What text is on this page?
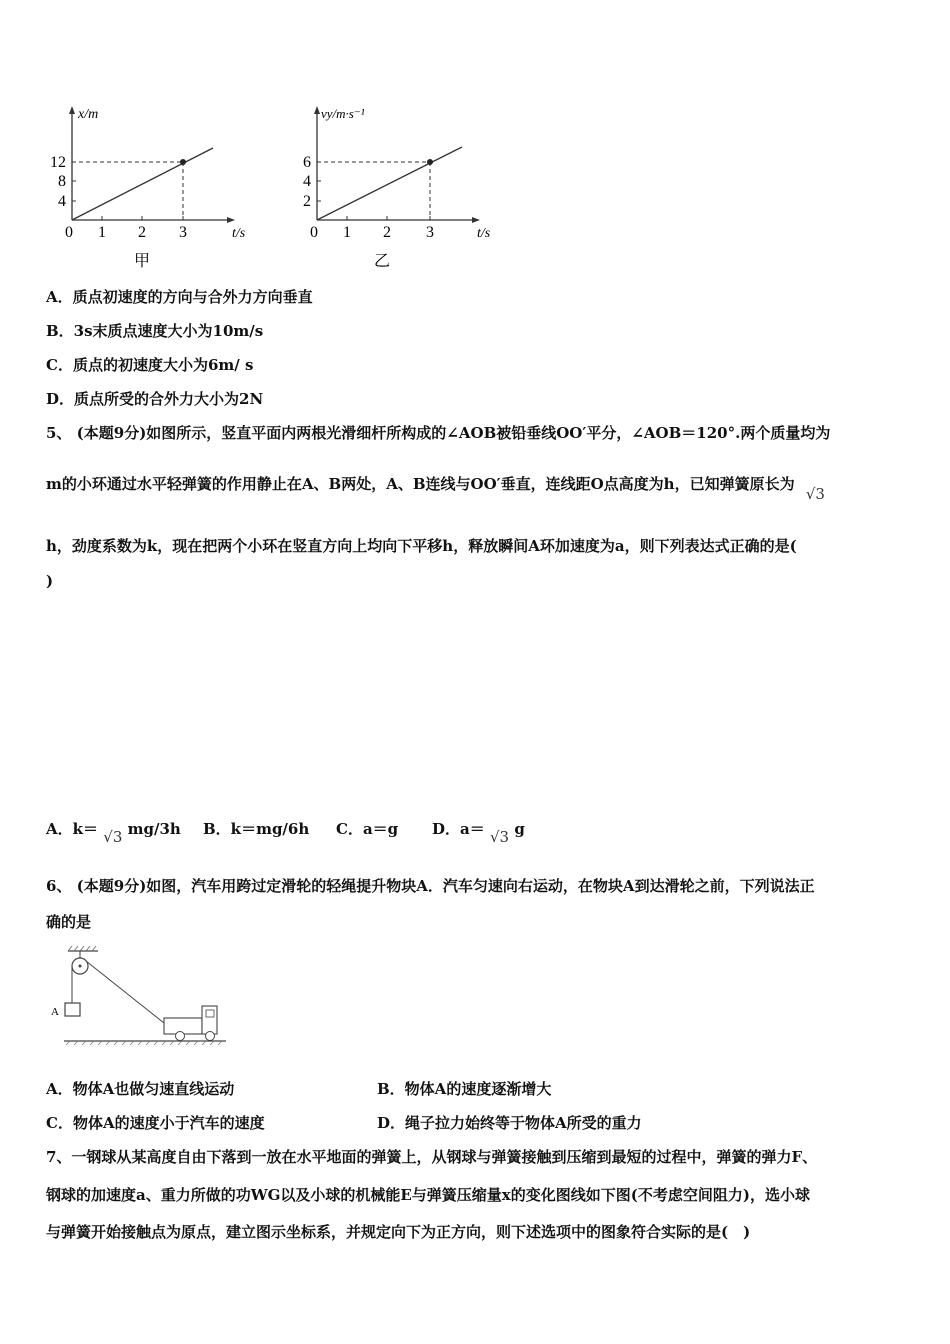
x/m
12
8
4
0 1 2 3	t/s
甲
vy/m·s⁻¹
6
4
2
0 1 2 3	t/s
乙
A．质点初速度的方向与合外力方向垂直
B．3s末质点速度大小为10m/s
C．质点的初速度大小为6m/ s
D．质点所受的合外力大小为2N
5、 (本题9分)如图所示，竖直平面内两根光滑细杆所构成的∠AOB被铅垂线OO′平分，∠AOB＝120°.两个质量均为
m的小环通过水平轻弹簧的作用静止在A、B两处，A、B连线与OO′垂直，连线距O点高度为h，已知弹簧原长为 √3
h，劲度系数为k，现在把两个小环在竖直方向上均向下平移h，释放瞬间A环加速度为a，则下列表达式正确的是(
)
A．k＝ √3 mg/3h B．k＝mg/6h C．a＝g D．a＝ √3 g
6、 (本题9分)如图，汽车用跨过定滑轮的轻绳提升物块A．汽车匀速向右运动，在物块A到达滑轮之前，下列说法正
确的是
A
A．物体A也做匀速直线运动	B．物体A的速度逐渐增大
C．物体A的速度小于汽车的速度	D．绳子拉力始终等于物体A所受的重力
7、一钢球从某高度自由下落到一放在水平地面的弹簧上，从钢球与弹簧接触到压缩到最短的过程中，弹簧的弹力F、
钢球的加速度a、重力所做的功WG以及小球的机械能E与弹簧压缩量x的变化图线如下图(不考虑空间阻力)，选小球
与弹簧开始接触点为原点，建立图示坐标系，并规定向下为正方向，则下述选项中的图象符合实际的是(　)
